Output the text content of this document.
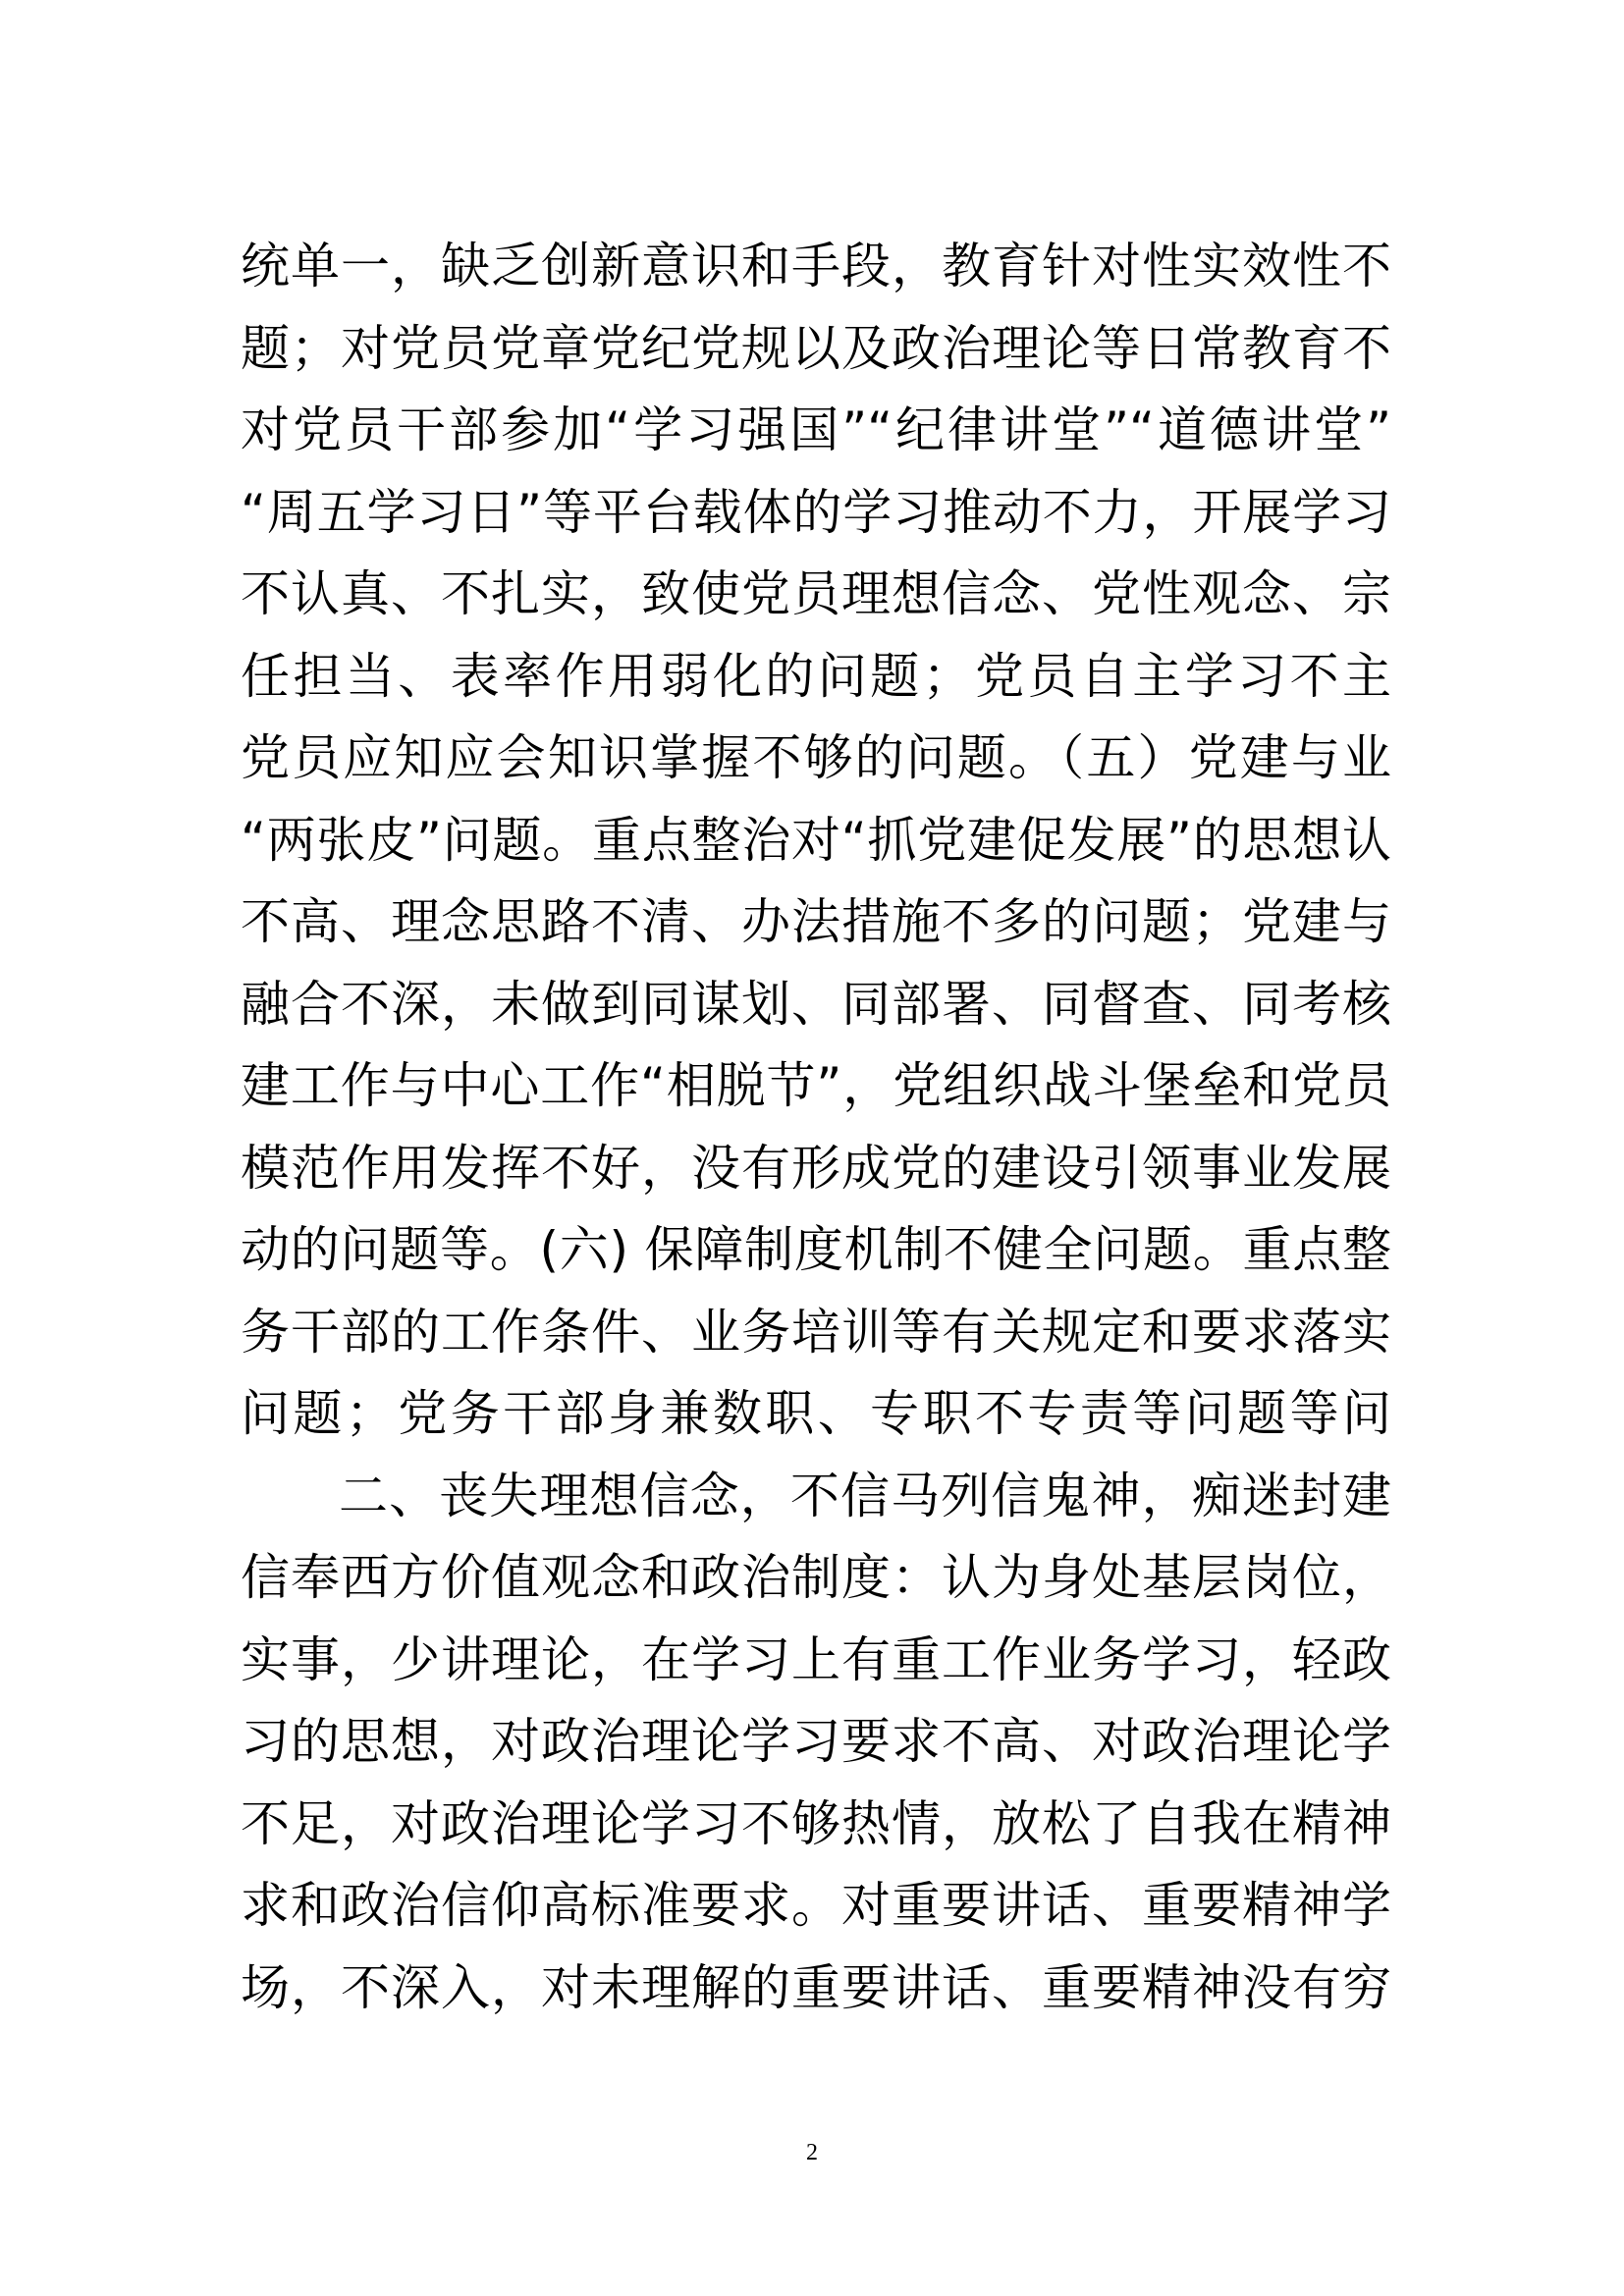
统单一，缺乏创新意识和手段，教育针对性实效性不
题；对党员党章党纪党规以及政治理论等日常教育不
对党员干部参加“学习强国”“纪律讲堂”“道德讲堂”
“周五学习日”等平台载体的学习推动不力，开展学习
不认真、不扎实，致使党员理想信念、党性观念、宗
任担当、表率作用弱化的问题；党员自主学习不主
党员应知应会知识掌握不够的问题。（五）党建与业
“两张皮”问题。重点整治对“抓党建促发展”的思想认
不高、理念思路不清、办法措施不多的问题；党建与
融合不深，未做到同谋划、同部署、同督查、同考核
建工作与中心工作“相脱节”，党组织战斗堡垒和党员
模范作用发挥不好，没有形成党的建设引领事业发展
动的问题等。(六) 保障制度机制不健全问题。重点整
务干部的工作条件、业务培训等有关规定和要求落实
问题；党务干部身兼数职、专职不专责等问题等问
二、丧失理想信念，不信马列信鬼神，痴迷封建
信奉西方价值观念和政治制度：认为身处基层岗位，
实事，少讲理论，在学习上有重工作业务学习，轻政
习的思想，对政治理论学习要求不高、对政治理论学
不足，对政治理论学习不够热情，放松了自我在精神
求和政治信仰高标准要求。对重要讲话、重要精神学
场，不深入，对未理解的重要讲话、重要精神没有穷
2
